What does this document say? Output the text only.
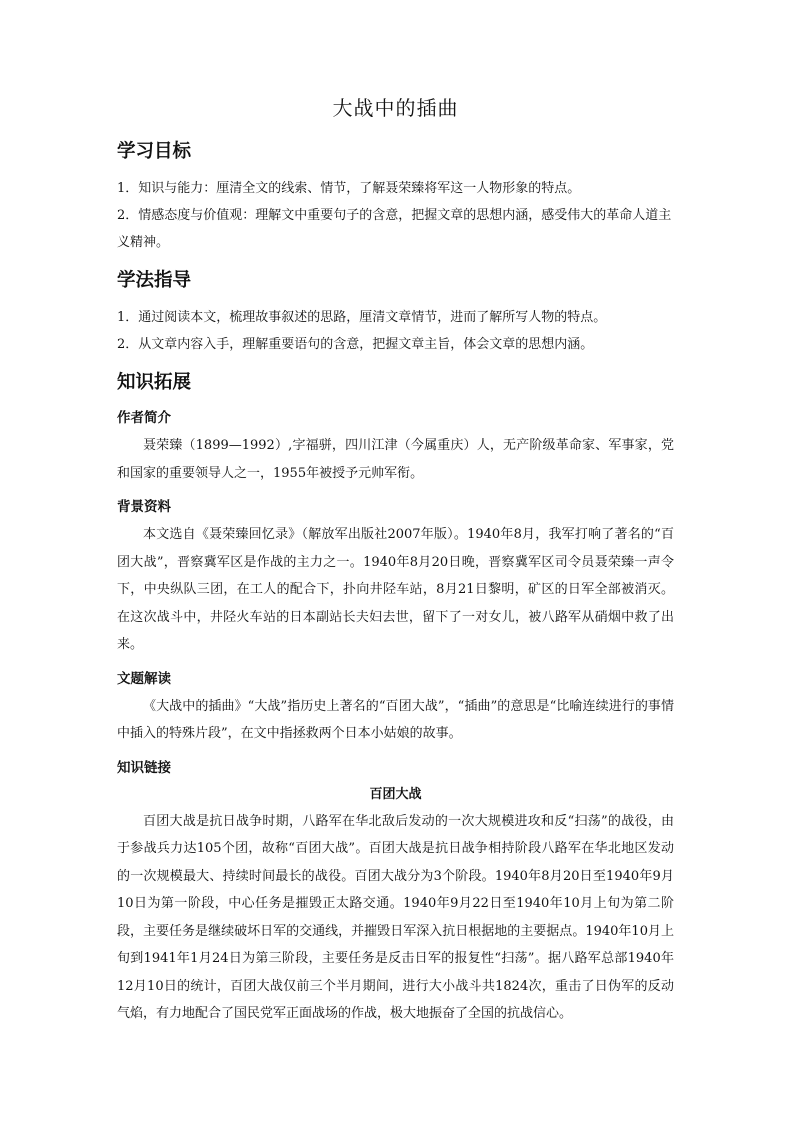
大战中的插曲
学习目标

1．知识与能力：厘清全文的线索、情节，了解聂荣臻将军这一人物形象的特点。

2．情感态度与价值观：理解文中重要句子的含意，把握文章的思想内涵，感受伟大的革命人道主义精神。

学法指导

1．通过阅读本文，梳理故事叙述的思路，厘清文章情节，进而了解所写人物的特点。

2．从文章内容入手，理解重要语句的含意，把握文章主旨，体会文章的思想内涵。

知识拓展
作者简介

聂荣臻（1899—1992）,字福骈，四川江津（今属重庆）人，无产阶级革命家、军事家，党和国家的重要领导人之一，1955年被授予元帅军衔。

背景资料

本文选自《聂荣臻回忆录》（解放军出版社2007年版）。1940年8月，我军打响了著名的“百团大战”，晋察冀军区是作战的主力之一。1940年8月20日晚，晋察冀军区司令员聂荣臻一声令下，中央纵队三团，在工人的配合下，扑向井陉车站，8月21日黎明，矿区的日军全部被消灭。在这次战斗中，井陉火车站的日本副站长夫妇去世，留下了一对女儿，被八路军从硝烟中救了出来。

文题解读

《大战中的插曲》“大战”指历史上著名的“百团大战”，“插曲”的意思是“比喻连续进行的事情中插入的特殊片段”，在文中指拯救两个日本小姑娘的故事。

知识链接

百团大战

百团大战是抗日战争时期，八路军在华北敌后发动的一次大规模进攻和反“扫荡”的战役，由于参战兵力达105个团，故称“百团大战”。百团大战是抗日战争相持阶段八路军在华北地区发动的一次规模最大、持续时间最长的战役。百团大战分为3个阶段。1940年8月20日至1940年9月10日为第一阶段，中心任务是摧毁正太路交通。1940年9月22日至1940年10月上旬为第二阶段，主要任务是继续破坏日军的交通线，并摧毁日军深入抗日根据地的主要据点。1940年10月上旬到1941年1月24日为第三阶段，主要任务是反击日军的报复性“扫荡”。据八路军总部1940年12月10日的统计，百团大战仅前三个半月期间，进行大小战斗共1824次，重击了日伪军的反动气焰，有力地配合了国民党军正面战场的作战，极大地振奋了全国的抗战信心。
